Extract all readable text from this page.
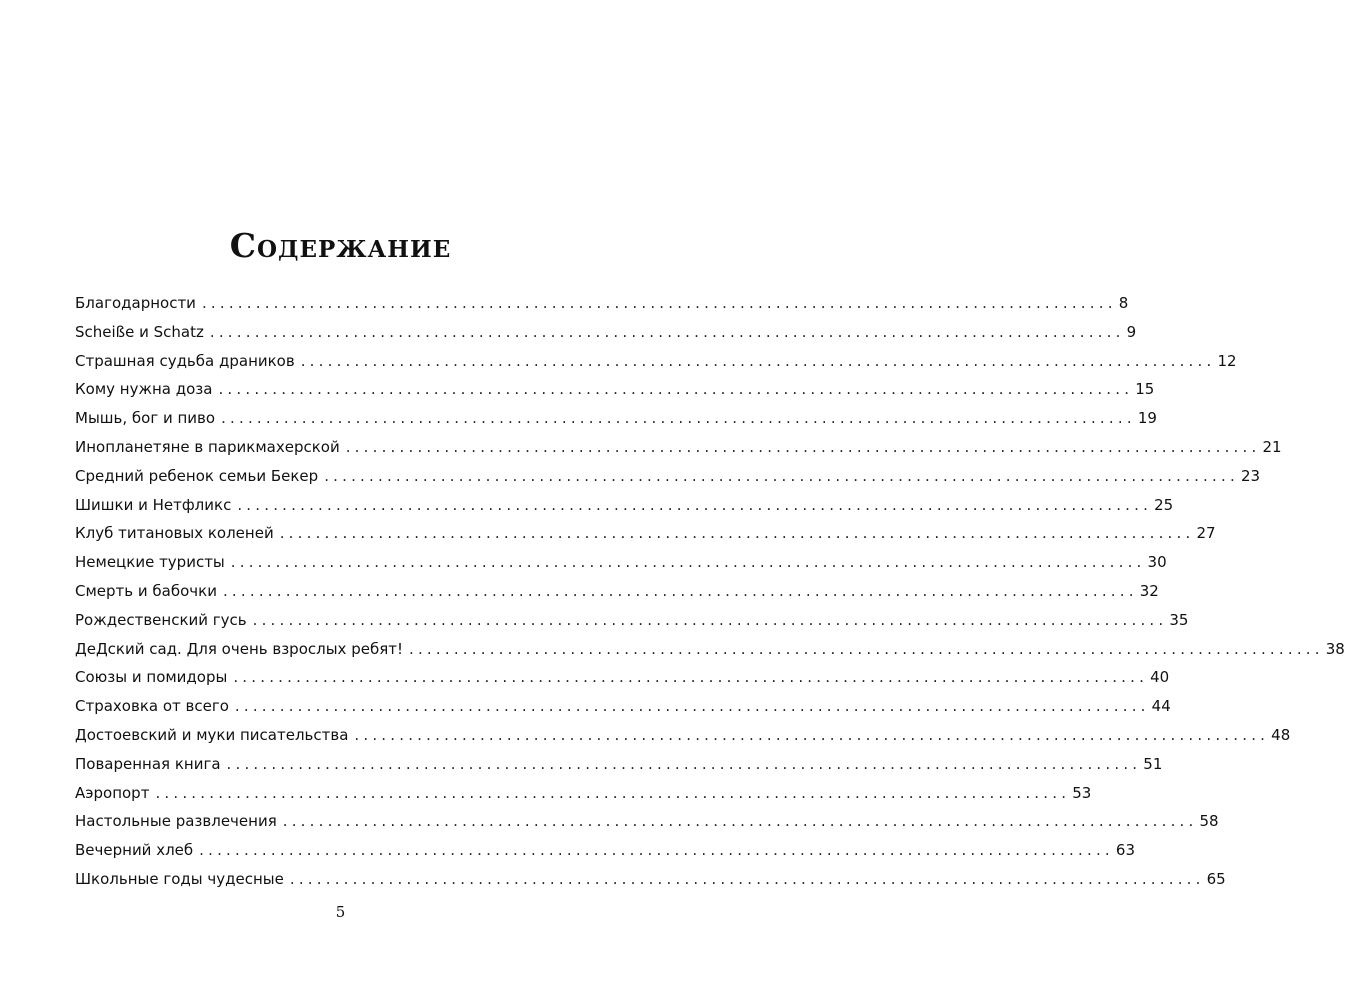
Содержание
Благодарности ...................................................................................................... 8
Scheiße и Schatz ...................................................................................................... 9
Страшная судьба драников ...................................................................................................... 12
Кому нужна доза ...................................................................................................... 15
Мышь, бог и пиво ...................................................................................................... 19
Инопланетяне в парикмахерской ...................................................................................................... 21
Средний ребенок семьи Бекер ...................................................................................................... 23
Шишки и Нетфликс ...................................................................................................... 25
Клуб титановых коленей ...................................................................................................... 27
Немецкие туристы ...................................................................................................... 30
Смерть и бабочки ...................................................................................................... 32
Рождественский гусь ...................................................................................................... 35
ДеДский сад. Для очень взрослых ребят! ...................................................................................................... 38
Союзы и помидоры ...................................................................................................... 40
Страховка от всего ...................................................................................................... 44
Достоевский и муки писательства ...................................................................................................... 48
Поваренная книга ...................................................................................................... 51
Аэропорт ...................................................................................................... 53
Настольные развлечения ...................................................................................................... 58
Вечерний хлеб ...................................................................................................... 63
Школьные годы чудесные ...................................................................................................... 65
5
